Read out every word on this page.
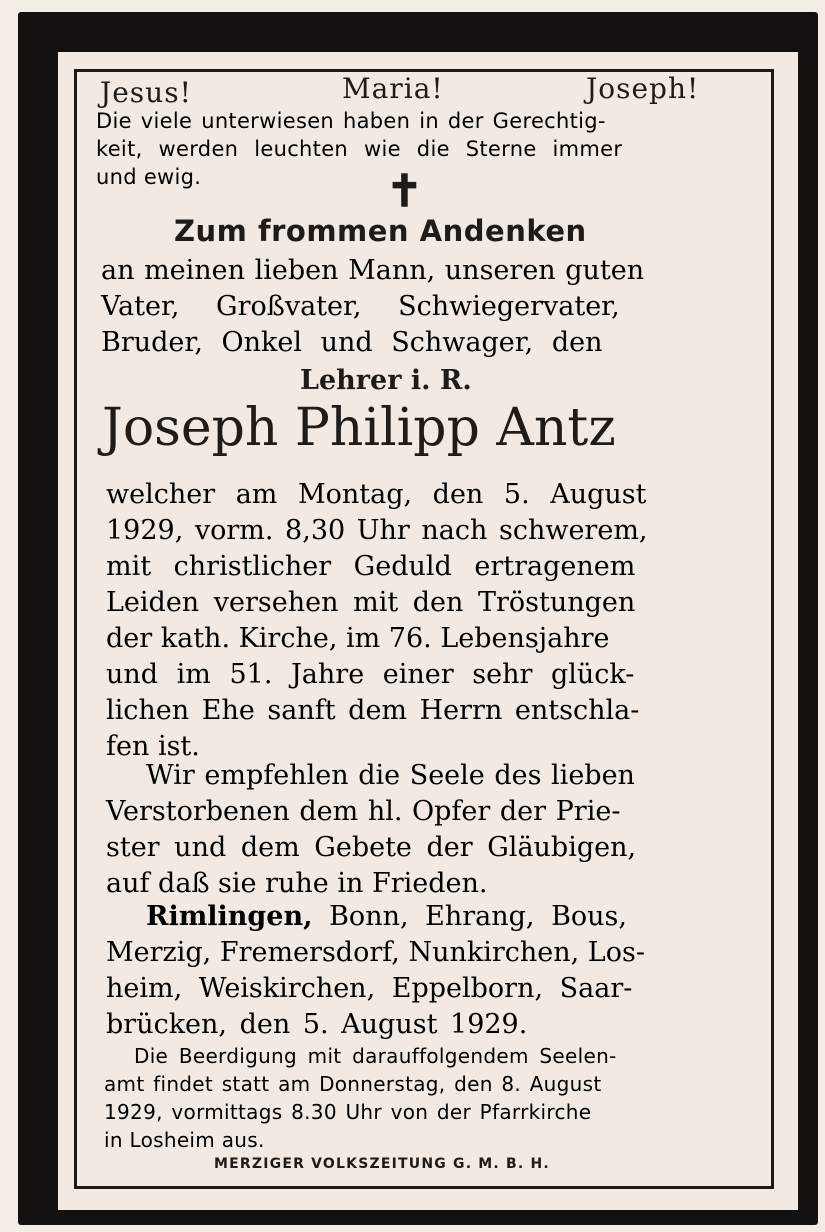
Jesus!	Maria!	Joseph!
Die viele unterwiesen haben in der Gerechtig-
keit, werden leuchten wie die Sterne immer
und ewig.	✝
Zum frommen Andenken
an meinen lieben Mann, unseren guten
Vater, Großvater, Schwiegervater,
Bruder, Onkel und Schwager, den
Lehrer i. R.
Joseph Philipp Antz
welcher am Montag, den 5. August
1929, vorm. 8,30 Uhr nach schwerem,
mit christlicher Geduld ertragenem
Leiden versehen mit den Tröstungen
der kath. Kirche, im 76. Lebensjahre
und im 51. Jahre einer sehr glück-
lichen Ehe sanft dem Herrn entschla-
fen ist.
Wir empfehlen die Seele des lieben
Verstorbenen dem hl. Opfer der Prie-
ster und dem Gebete der Gläubigen,
auf daß sie ruhe in Frieden.
Rimlingen, Bonn, Ehrang, Bous,
Merzig, Fremersdorf, Nunkirchen, Los-
heim, Weiskirchen, Eppelborn, Saar-
brücken, den 5. August 1929.
Die Beerdigung mit darauffolgendem Seelen-
amt findet statt am Donnerstag, den 8. August
1929, vormittags 8.30 Uhr von der Pfarrkirche
in Losheim aus.
MERZIGER VOLKSZEITUNG G. M. B. H.
